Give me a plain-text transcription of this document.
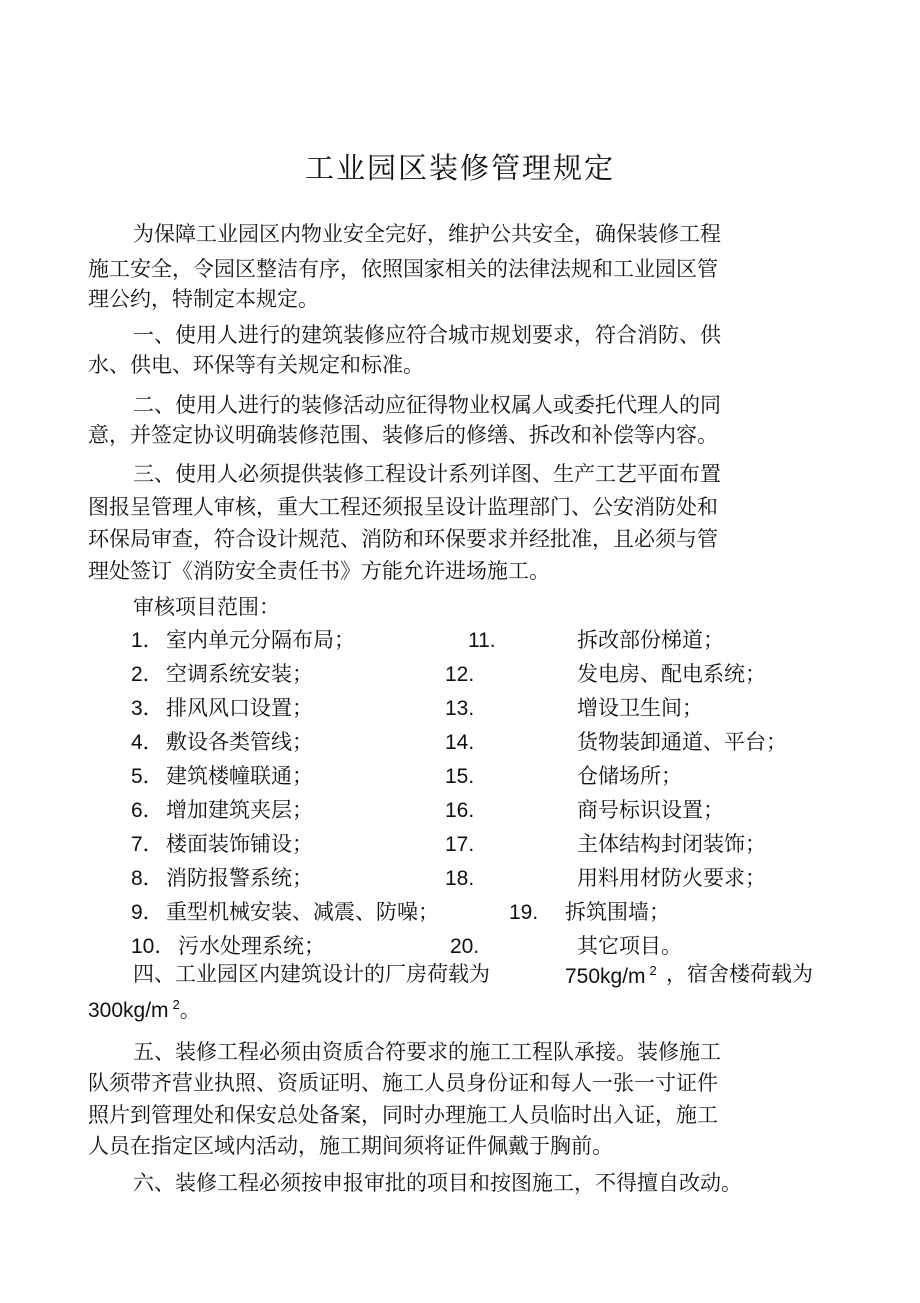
工业园区装修管理规定
为保障工业园区内物业安全完好，维护公共安全，确保装修工程
施工安全，令园区整洁有序，依照国家相关的法律法规和工业园区管
理公约，特制定本规定。
一、使用人进行的建筑装修应符合城市规划要求，符合消防、供
水、供电、环保等有关规定和标准。
二、使用人进行的装修活动应征得物业权属人或委托代理人的同
意，并签定协议明确装修范围、装修后的修缮、拆改和补偿等内容。
三、使用人必须提供装修工程设计系列详图、生产工艺平面布置
图报呈管理人审核，重大工程还须报呈设计监理部门、公安消防处和
环保局审查，符合设计规范、消防和环保要求并经批准，且必须与管
理处签订《消防安全责任书》方能允许进场施工。
审核项目范围：
1． 室内单元分隔布局；	11.	拆改部份梯道；
2． 空调系统安装；	12.	发电房、配电系统；
3． 排风风口设置；	13.	增设卫生间；
4． 敷设各类管线；	14.	货物装卸通道、平台；
5． 建筑楼幢联通；	15.	仓储场所；
6． 增加建筑夹层；	16.	商号标识设置；
7． 楼面装饰铺设；	17.	主体结构封闭装饰；
8． 消防报警系统；	18.	用料用材防火要求；
9． 重型机械安装、减震、防噪；	19. 拆筑围墙；
10． 污水处理系统；	20.	其它项目。
四、工业园区内建筑设计的厂房荷载为	750kg/m $^2$ ，宿舍楼荷载为
300kg/m $^2$。
五、装修工程必须由资质合符要求的施工工程队承接。装修施工
队须带齐营业执照、资质证明、施工人员身份证和每人一张一寸证件
照片到管理处和保安总处备案，同时办理施工人员临时出入证，施工
人员在指定区域内活动，施工期间须将证件佩戴于胸前。
六、装修工程必须按申报审批的项目和按图施工，不得擅自改动。
